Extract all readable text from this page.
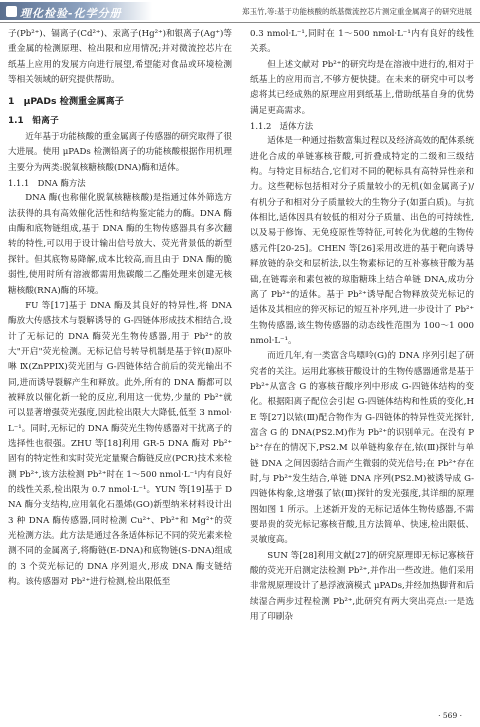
理化检验-化学分册	郑玉竹,等:基于功能核酸的纸基微流控芯片测定重金属离子的研究进展

子(Pb²⁺)、镉离子(Cd²⁺)、汞离子(Hg²⁺)和银离子(Ag⁺)等重金属的检测原理、检出限和应用情况;并对微流控芯片在纸基上应用的发展方向进行展望,希望能对食品或环境检测等相关领域的研究提供帮助。

1　μPADs 检测重金属离子
1.1　铅离子

近年基于功能核酸的重金属离子传感器的研究取得了很大进展。使用 μPADs 检测铅离子的功能核酸根据作用机理主要分为两类:脱氧核糖核酸(DNA)酶和适体。

1.1.1　DNA 酶方法

DNA 酶(也称催化脱氧核糖核酸)是指通过体外筛选方法获得的具有高效催化活性和结构鉴定能力的酶。DNA 酶由酶和底物链组成,基于 DNA 酶的生物传感器具有多次翻转的特性,可以用于设计输出信号放大、荧光背景低的新型探针。但其底物易降解,成本比较高,而且由于 DNA 酶的脆弱性,使用时所有溶液都需用焦碳酸二乙酯处理来创建无核糖核酸(RNA)酶的环境。

FU 等[17]基于 DNA 酶及其良好的特异性,将 DNA 酶放大传感技术与裂解诱导的 G-四链体形成技术相结合,设计了无标记的 DNA 酶荧光生物传感器,用于 Pb²⁺的放大"开启"荧光检测。无标记信号转导机制是基于锌(Ⅱ)原卟啉 Ⅸ(ZnPPIX)荧光团与 G-四链体结合前后的荧光输出不同,进而诱导裂解产生和释放。此外,所有的 DNA 酶都可以被释放以催化新一轮的反应,利用这一优势,少量的 Pb²⁺就可以显著增强荧光强度,因此检出限大大降低,低至 3 nmol·L⁻¹。同时,无标记的 DNA 酶荧光生物传感器对干扰离子的选择性也很强。ZHU 等[18]利用 GR-5 DNA 酶对 Pb²⁺固有的特定性和实时荧光定量聚合酶链反应(PCR)技术来检测 Pb²⁺,该方法检测 Pb²⁺时在 1～500 nmol·L⁻¹内有良好的线性关系,检出限为 0.7 nmol·L⁻¹。YUN 等[19]基于 DNA 酶分支结构,应用氧化石墨烯(GO)新型纳米材料设计出 3 种 DNA 酶传感器,同时检测 Cu²⁺、Pb²⁺和 Mg²⁺的荧光检测方法。此方法是通过各条适体标记不同的荧光素来检测不同的金属离子,将酶链(E-DNA)和底物链(S-DNA)组成的 3 个荧光标记的 DNA 序列退火,形成 DNA 酶支链结构。该传感器对 Pb²⁺进行检测,检出限低至

0.3 nmol·L⁻¹,同时在 1～500 nmol·L⁻¹内有良好的线性关系。

但上述文献对 Pb²⁺的研究均是在溶液中进行的,相对于纸基上的应用而言,不够方便快捷。在未来的研究中可以考虑将其已经成熟的原理应用到纸基上,借助纸基自身的优势满足更高需求。

1.1.2　适体方法

适体是一种通过指数富集过程以及经济高效的配体系统进化合成的单链寡核苷酸,可折叠成特定的二级和三级结构。与特定目标结合,它们对不同的靶标具有高特异性亲和力。这些靶标包括相对分子质量较小的无机(如金属离子)/有机分子和相对分子质量较大的生物分子(如蛋白质)。与抗体相比,适体因具有较低的相对分子质量、出色的可持续性,以及易于修饰、无免疫原性等特征,可转化为优越的生物传感元件[20-25]。CHEN 等[26]采用改进的基于靶向诱导释放链的杂交和层析法,以生物素标记的互补寡核苷酸为基础,在链霉亲和素包被的琼脂糖珠上结合单链 DNA,成功分离了 Pb²⁺的适体。基于 Pb²⁺诱导配合物释放荧光标记的适体及其相应的猝灭标记的短互补序列,进一步设计了 Pb²⁺生物传感器,该生物传感器的动态线性范围为 100～1 000 nmol·L⁻¹。

而近几年,有一类富含鸟嘌呤(G)的 DNA 序列引起了研究者的关注。运用此寡核苷酸设计的生物传感器通常是基于 Pb²⁺从富含 G 的寡核苷酸序列中形成 G-四链体结构的变化。根据阳离子配位会引起 G-四链体结构和性质的变化,HE 等[27]以铱(Ⅲ)配合物作为 G-四链体的特异性荧光探针,富含 G 的 DNA(PS2.M)作为 Pb²⁺的识别单元。在没有 Pb²⁺存在的情况下,PS2.M 以单链构象存在,铱(Ⅲ)探针与单链 DNA 之间因弱结合而产生微弱的荧光信号;在 Pb²⁺存在时,与 Pb²⁺发生结合,单链 DNA 序列(PS2.M)被诱导成 G-四链体构象,这增强了铱(Ⅲ)探针的发光强度,其详细的原理图如图 1 所示。上述新开发的无标记适体生物传感器,不需要昂贵的荧光标记寡核苷酸,且方法简单、快速,检出限低、灵敏度高。

SUN 等[28]利用文献[27]的研究原理即无标记寡核苷酸的荧光开启测定法检测 Pb²⁺,并作出一些改进。他们采用非常规原理设计了悬浮液滴模式 μPADs,并经加热脚背和后续湿合两步过程检测 Pb²⁺,此研究有两大突出亮点:一是选用了印刷杂

· 569 ·
